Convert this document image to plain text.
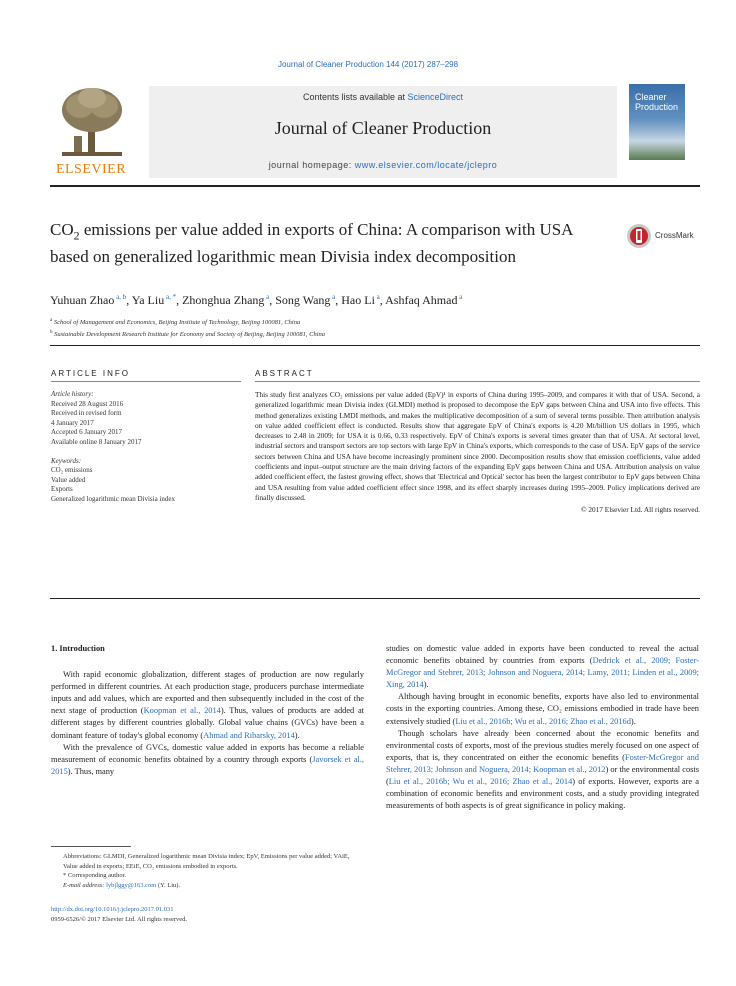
Journal of Cleaner Production 144 (2017) 287–298
ELSEVIER
Contents lists available at ScienceDirect
Journal of Cleaner Production
journal homepage: www.elsevier.com/locate/jclepro
Cleaner Production
$CO_2$ emissions per value added in exports of China: A comparison with USA based on generalized logarithmic mean Divisia index decomposition
CrossMark
Yuhuan Zhao $^{a, b}$, Ya Liu $^{a, *}$, Zhonghua Zhang $^a$, Song Wang $^a$, Hao Li $^a$, Ashfaq Ahmad $^a$
$^a$ School of Management and Economics, Beijing Institute of Technology, Beijing 100081, China
$^b$ Sustainable Development Research Institute for Economy and Society of Beijing, Beijing 100081, China
ARTICLE INFO	ABSTRACT
Article history:
Received 28 August 2016
Received in revised form
4 January 2017
Accepted 6 January 2017
Available online 8 January 2017
Keywords:
CO₂ emissions
Value added
Exports
Generalized logarithmic mean Divisia index
This study first analyzes CO₂ emissions per value added (EpV)¹ in exports of China during 1995–2009, and compares it with that of USA. Second, a generalized logarithmic mean Divisia index (GLMDI) method is proposed to decompose the EpV gaps between China and USA into five effects. This method generalizes existing LMDI methods, and makes the multiplicative decomposition of a sum of several terms possible. Then attribution analysis on value added coefficient effect is conducted. Results show that aggregate EpV of China's exports is 4.20 Mt/billion US dollars in 1995, which decreases to 2.48 in 2009; for USA it is 0.66, 0.33 respectively. EpV of China's exports is several times greater than that of USA. At sectoral level, industrial sectors and transport sectors are top sectors with large EpV in China's exports, which corresponds to the case of USA. EpV gaps of the service sectors between China and USA have become increasingly prominent since 2000. Decomposition results show that emission coefficients, value added coefficients and input–output structure are the main driving factors of the expanding EpV gaps between China and USA. Attribution analysis on value added coefficient effect, the fastest growing effect, shows that 'Electrical and Optical' sector has been the largest contributor to EpV gaps between China and USA resulting from value added coefficient effect since 1998, and its effect sharply increases during 1995–2009. Policy implications derived are finally discussed.
© 2017 Elsevier Ltd. All rights reserved.
1. Introduction

With rapid economic globalization, different stages of production are now regularly performed in different countries. At each production stage, producers purchase intermediate inputs and add values, which are exported and then subsequently included in the cost of the next stage of production (Koopman et al., 2014). Thus, values of products are added at different stages by different countries globally. Global value chains (GVCs) have been a dominant feature of today's global economy (Ahmad and Ribarsky, 2014).

With the prevalence of GVCs, domestic value added in exports has become a reliable measurement of economic benefits obtained by a country through exports (Javorsek et al., 2015). Thus, many

studies on domestic value added in exports have been conducted to reveal the actual economic benefits obtained by countries from exports (Dedrick et al., 2009; Foster-McGregor and Stehrer, 2013; Johnson and Noguera, 2014; Lamy, 2011; Linden et al., 2009; Xing, 2014).

Although having brought in economic benefits, exports have also led to environmental costs in the exporting countries. Among these, CO₂ emissions embodied in trade have been extensively studied (Liu et al., 2016b; Wu et al., 2016; Zhao et al., 2016d).

Though scholars have already been concerned about the economic benefits and environmental costs of exports, most of the previous studies merely focused on one aspect of exports, that is, they concentrated on either the economic benefits (Foster-McGregor and Stehrer, 2013; Johnson and Noguera, 2014; Koopman et al., 2012) or the environmental costs (Liu et al., 2016b; Wu et al., 2016; Zhao et al., 2014) of exports. However, exports are a combination of economic benefits and environment costs, and a study providing integrated measurements of both aspects is of great significance in policy making.

Abbreviations: GLMDI, Generalized logarithmic mean Divisia index; EpV, Emissions per value added; VAiE, Value added in exports; EEiE, CO₂ emissions embodied in exports.
* Corresponding author.
E-mail address: lybjlggy@163.com (Y. Liu).
http://dx.doi.org/10.1016/j.jclepro.2017.01.031
0959-6526/© 2017 Elsevier Ltd. All rights reserved.
